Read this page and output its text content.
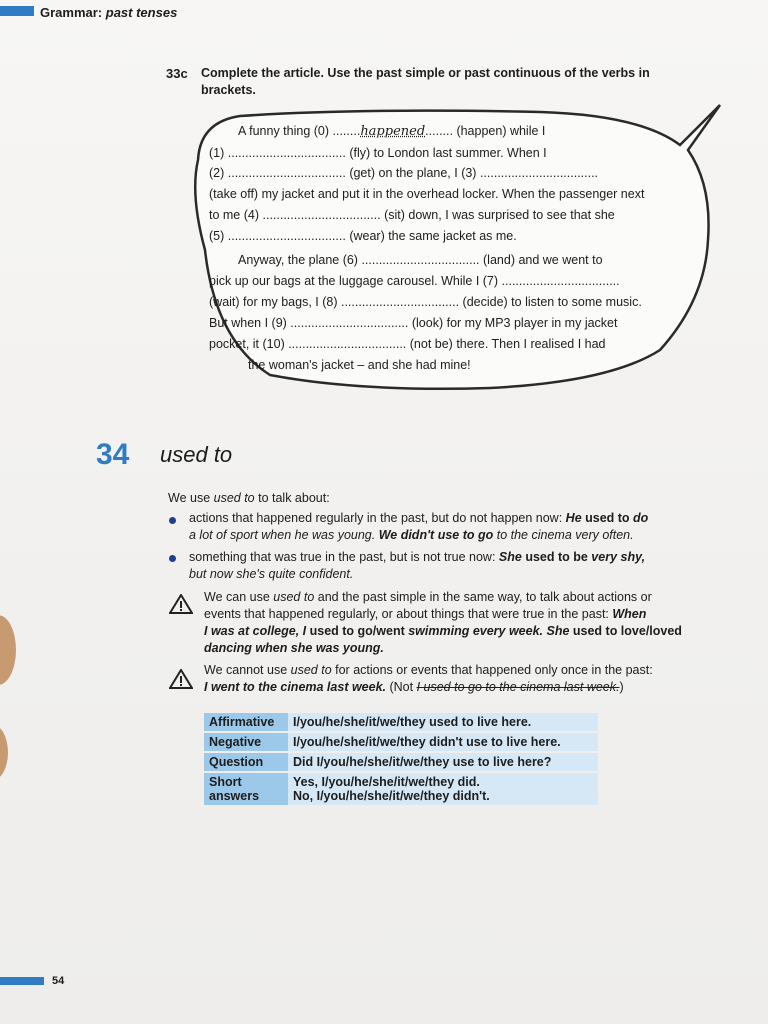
Grammar: past tenses
33c Complete the article. Use the past simple or past continuous of the verbs in brackets.
A funny thing (0) ........happened........ (happen) while I
(1) .................................. (fly) to London last summer. When I
(2) .................................. (get) on the plane, I (3) ..................................
(take off) my jacket and put it in the overhead locker. When the passenger next
to me (4) .................................. (sit) down, I was surprised to see that she
(5) .................................. (wear) the same jacket as me.
Anyway, the plane (6) .................................. (land) and we went to
pick up our bags at the luggage carousel. While I (7) ..................................
(wait) for my bags, I (8) .................................. (decide) to listen to some music.
But when I (9) .................................. (look) for my MP3 player in my jacket
pocket, it (10) .................................. (not be) there. Then I realised I had
the woman's jacket – and she had mine!
34 used to
We use used to to talk about:
actions that happened regularly in the past, but do not happen now: He used to do
a lot of sport when he was young. We didn't use to go to the cinema very often.
something that was true in the past, but is not true now: She used to be very shy,
but now she's quite confident.
We can use used to and the past simple in the same way, to talk about actions or
events that happened regularly, or about things that were true in the past: When
I was at college, I used to go/went swimming every week. She used to love/loved
dancing when she was young.
We cannot use used to for actions or events that happened only once in the past:
I went to the cinema last week. (Not I used to go to the cinema last week.)
Affirmative	I/you/he/she/it/we/they used to live here.
Negative	I/you/he/she/it/we/they didn't use to live here.
Question	Did I/you/he/she/it/we/they use to live here?
Short answers	Yes, I/you/he/she/it/we/they did.
No, I/you/he/she/it/we/they didn't.
54
